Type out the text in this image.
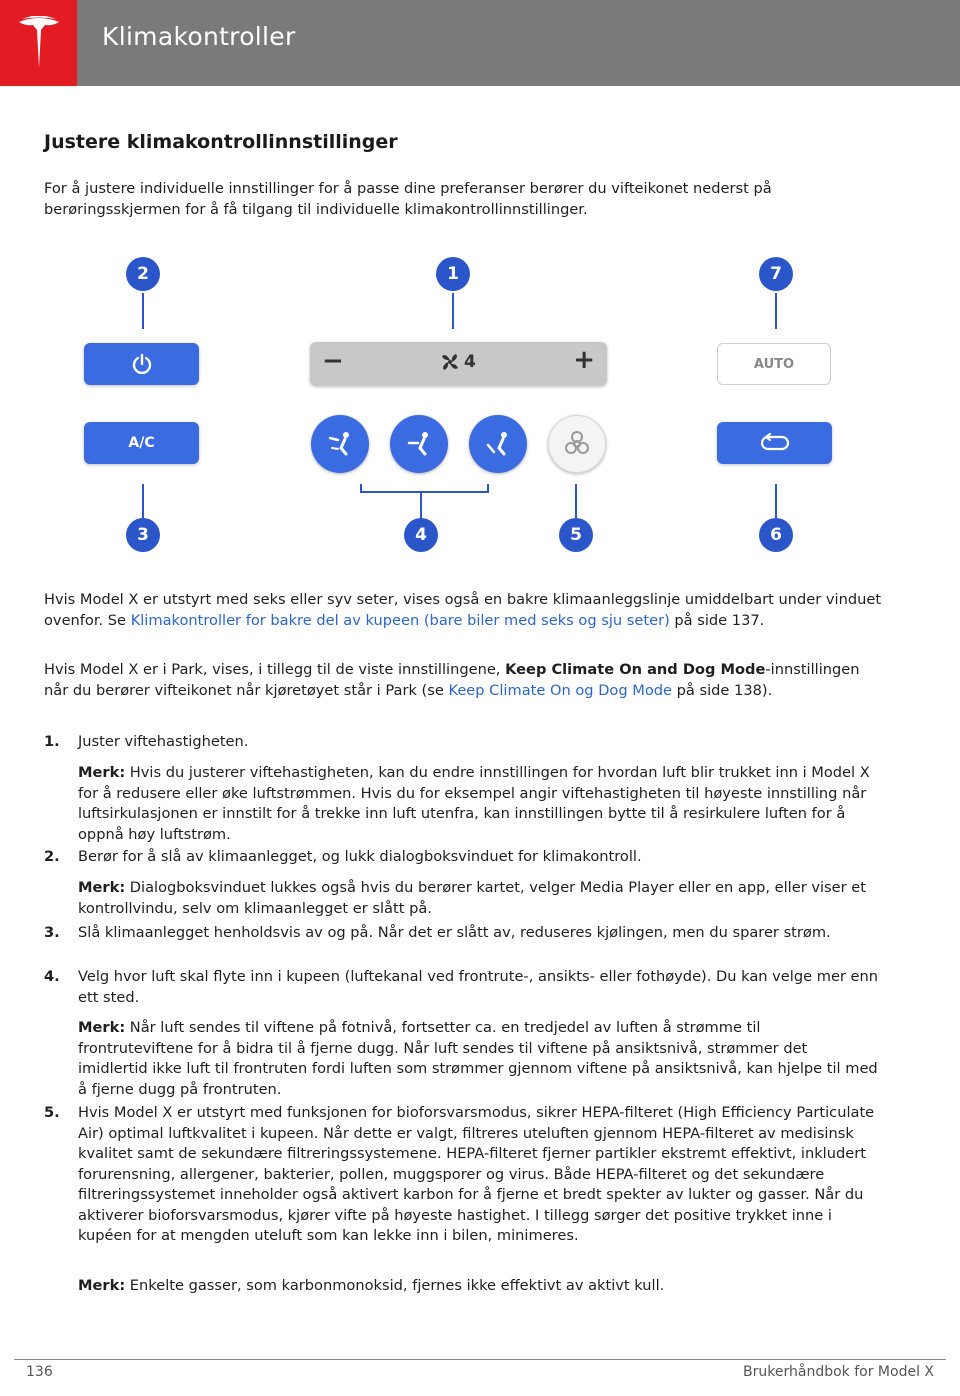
Klimakontroller
Justere klimakontrollinnstillinger
For å justere individuelle innstillinger for å passe dine preferanser berører du vifteikonet nederst på berøringsskjermen for å få tilgang til individuelle klimakontrollinnstillinger.
2
A/C
3
1
−	4	+
4	5
7
AUTO
6
Hvis Model X er utstyrt med seks eller syv seter, vises også en bakre klimaanleggslinje umiddelbart under vinduet ovenfor. Se Klimakontroller for bakre del av kupeen (bare biler med seks og sju seter) på side 137.
Hvis Model X er i Park, vises, i tillegg til de viste innstillingene, Keep Climate On and Dog Mode-innstillingen når du berører vifteikonet når kjøretøyet står i Park (se Keep Climate On og Dog Mode på side 138).
1. Juster viftehastigheten.
Merk: Hvis du justerer viftehastigheten, kan du endre innstillingen for hvordan luft blir trukket inn i Model X for å redusere eller øke luftstrømmen. Hvis du for eksempel angir viftehastigheten til høyeste innstilling når luftsirkulasjonen er innstilt for å trekke inn luft utenfra, kan innstillingen bytte til å resirkulere luften for å oppnå høy luftstrøm.
2. Berør for å slå av klimaanlegget, og lukk dialogboksvinduet for klimakontroll.
Merk: Dialogboksvinduet lukkes også hvis du berører kartet, velger Media Player eller en app, eller viser et kontrollvindu, selv om klimaanlegget er slått på.
3. Slå klimaanlegget henholdsvis av og på. Når det er slått av, reduseres kjølingen, men du sparer strøm.
4. Velg hvor luft skal flyte inn i kupeen (luftekanal ved frontrute-, ansikts- eller fothøyde). Du kan velge mer enn ett sted.
Merk: Når luft sendes til viftene på fotnivå, fortsetter ca. en tredjedel av luften å strømme til frontruteviftene for å bidra til å fjerne dugg. Når luft sendes til viftene på ansiktsnivå, strømmer det imidlertid ikke luft til frontruten fordi luften som strømmer gjennom viftene på ansiktsnivå, kan hjelpe til med å fjerne dugg på frontruten.
5. Hvis Model X er utstyrt med funksjonen for bioforsvarsmodus, sikrer HEPA-filteret (High Efficiency Particulate Air) optimal luftkvalitet i kupeen. Når dette er valgt, filtreres uteluften gjennom HEPA-filteret av medisinsk kvalitet samt de sekundære filtreringssystemene. HEPA-filteret fjerner partikler ekstremt effektivt, inkludert forurensning, allergener, bakterier, pollen, muggsporer og virus. Både HEPA-filteret og det sekundære filtreringssystemet inneholder også aktivert karbon for å fjerne et bredt spekter av lukter og gasser. Når du aktiverer bioforsvarsmodus, kjører vifte på høyeste hastighet. I tillegg sørger det positive trykket inne i kupéen for at mengden uteluft som kan lekke inn i bilen, minimeres.
Merk: Enkelte gasser, som karbonmonoksid, fjernes ikke effektivt av aktivt kull.
136	Brukerhåndbok for Model X
